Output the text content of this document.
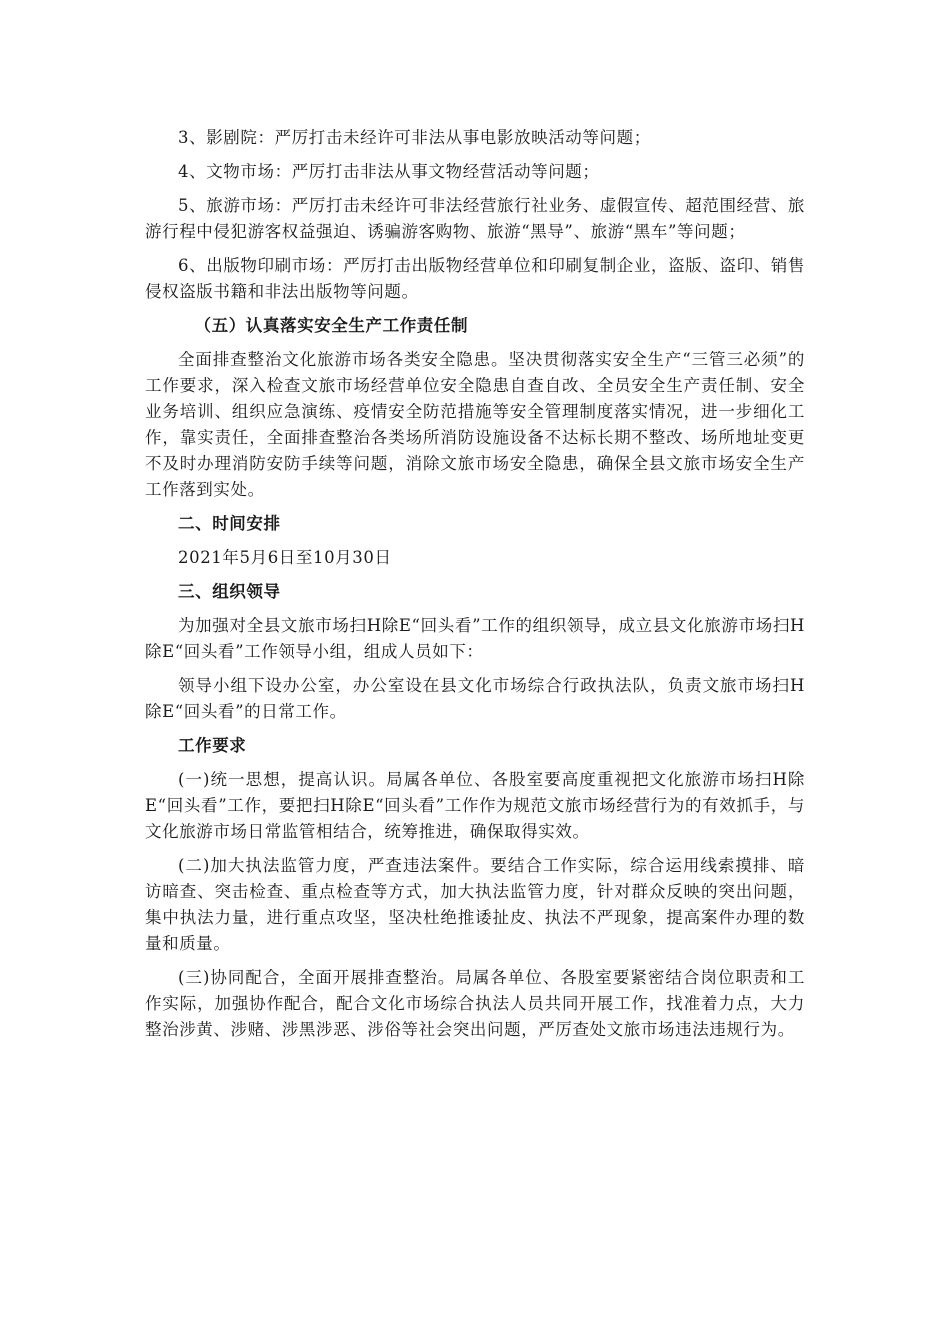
3、影剧院：严厉打击未经许可非法从事电影放映活动等问题；

4、文物市场：严厉打击非法从事文物经营活动等问题；

5、旅游市场：严厉打击未经许可非法经营旅行社业务、虚假宣传、超范围经营、旅游行程中侵犯游客权益强迫、诱骗游客购物、旅游“黑导”、旅游“黑车”等问题；

6、出版物印刷市场：严厉打击出版物经营单位和印刷复制企业，盗版、盗印、销售侵权盗版书籍和非法出版物等问题。

（五）认真落实安全生产工作责任制

全面排查整治文化旅游市场各类安全隐患。坚决贯彻落实安全生产“三管三必须”的工作要求，深入检查文旅市场经营单位安全隐患自查自改、全员安全生产责任制、安全业务培训、组织应急演练、疫情安全防范措施等安全管理制度落实情况，进一步细化工作，靠实责任，全面排查整治各类场所消防设施设备不达标长期不整改、场所地址变更不及时办理消防安防手续等问题，消除文旅市场安全隐患，确保全县文旅市场安全生产工作落到实处。

二、时间安排

2021年5月6日至10月30日

三、组织领导

为加强对全县文旅市场扫H除E“回头看”工作的组织领导，成立县文化旅游市场扫H除E“回头看”工作领导小组，组成人员如下：

领导小组下设办公室，办公室设在县文化市场综合行政执法队，负责文旅市场扫H除E“回头看”的日常工作。

工作要求

(一)统一思想，提高认识。局属各单位、各股室要高度重视把文化旅游市场扫H除E“回头看”工作，要把扫H除E“回头看”工作作为规范文旅市场经营行为的有效抓手，与文化旅游市场日常监管相结合，统筹推进，确保取得实效。

(二)加大执法监管力度，严查违法案件。要结合工作实际，综合运用线索摸排、暗访暗查、突击检查、重点检查等方式，加大执法监管力度，针对群众反映的突出问题，集中执法力量，进行重点攻坚，坚决杜绝推诿扯皮、执法不严现象，提高案件办理的数量和质量。

(三)协同配合，全面开展排查整治。局属各单位、各股室要紧密结合岗位职责和工作实际，加强协作配合，配合文化市场综合执法人员共同开展工作，找准着力点，大力整治涉黄、涉赌、涉黑涉恶、涉俗等社会突出问题，严厉查处文旅市场违法违规行为。
